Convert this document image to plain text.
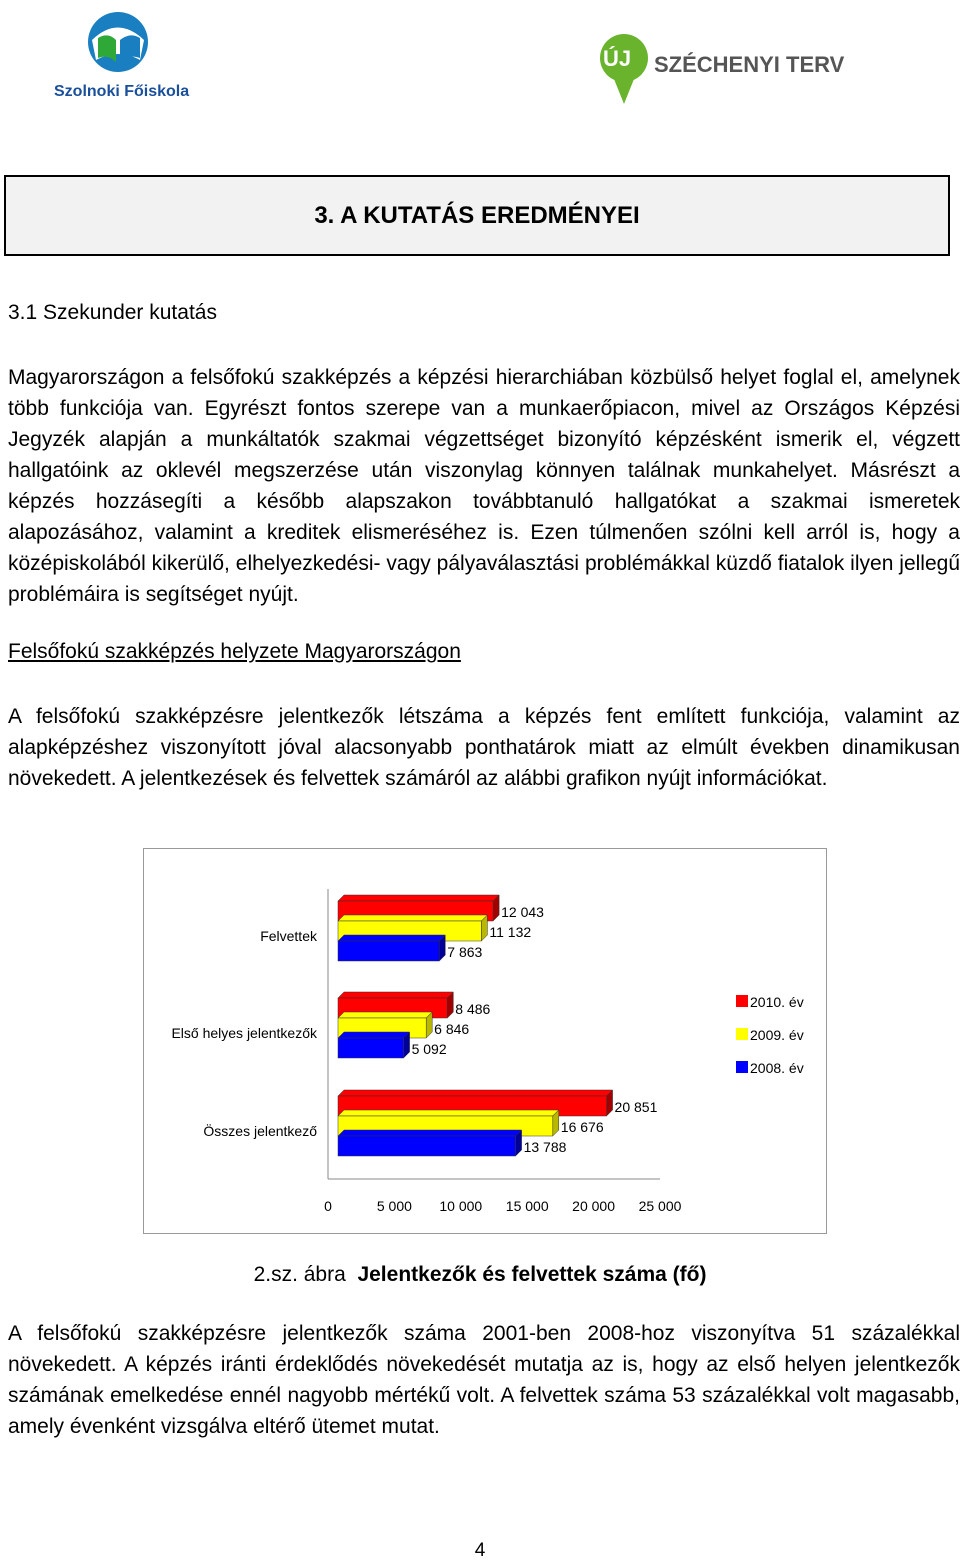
Szolnoki Főiskola
ÚJ SZÉCHENYI TERV
3. A KUTATÁS EREDMÉNYEI
3.1 Szekunder kutatás
Magyarországon a felsőfokú szakképzés a képzési hierarchiában közbülső helyet foglal el, amelynek több funkciója van. Egyrészt fontos szerepe van a munkaerőpiacon, mivel az Országos Képzési Jegyzék alapján a munkáltatók szakmai végzettséget bizonyító képzésként ismerik el, végzett hallgatóink az oklevél megszerzése után viszonylag könnyen találnak munkahelyet. Másrészt a képzés hozzásegíti a később alapszakon továbbtanuló hallgatókat a szakmai ismeretek alapozásához, valamint a kreditek elismeréséhez is. Ezen túlmenően szólni kell arról is, hogy a középiskolából kikerülő, elhelyezkedési- vagy pályaválasztási problémákkal küzdő fiatalok ilyen jellegű problémáira is segítséget nyújt.
Felsőfokú szakképzés helyzete Magyarországon
A felsőfokú szakképzésre jelentkezők létszáma a képzés fent említett funkciója, valamint az alapképzéshez viszonyított jóval alacsonyabb ponthatárok miatt az elmúlt években dinamikusan növekedett. A jelentkezések és felvettek számáról az alábbi grafikon nyújt információkat.
Felvettek
12 043
11 132
7 863
Első helyes jelentkezők
8 486
6 846
5 092
Összes jelentkező
20 851
16 676
13 788
0	5 000 10 000 15 000 20 000 25 000
2010. év
2009. év
2008. év
2.sz. ábra Jelentkezők és felvettek száma (fő)
A felsőfokú szakképzésre jelentkezők száma 2001-ben 2008-hoz viszonyítva 51 százalékkal növekedett. A képzés iránti érdeklődés növekedését mutatja az is, hogy az első helyen jelentkezők számának emelkedése ennél nagyobb mértékű volt. A felvettek száma 53 százalékkal volt magasabb, amely évenként vizsgálva eltérő ütemet mutat.
4
